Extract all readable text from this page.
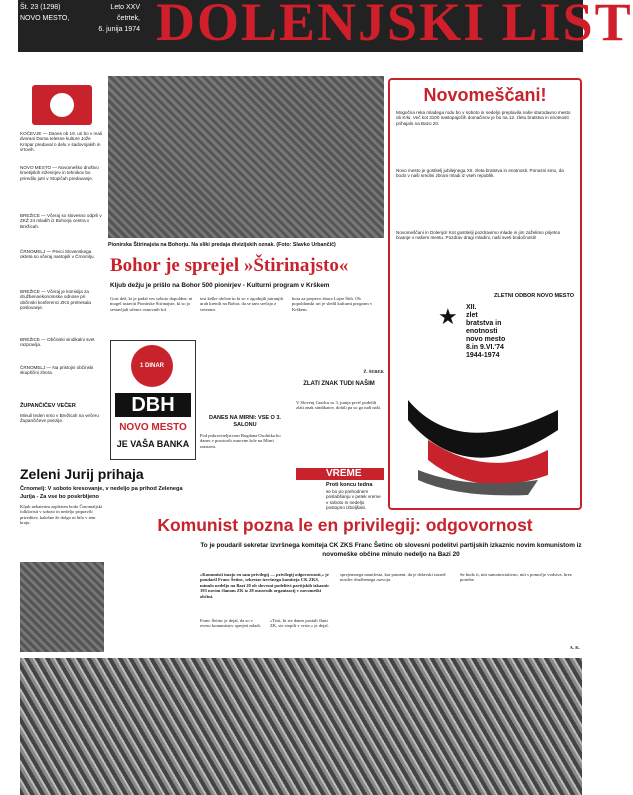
Št. 23 (1298)	Leto XXV
NOVO MESTO,	četrtek,
6. junija 1974 DOLENJSKI LIST
KOČEVJE — Danes ob 19. uri bo v mali dvorani Doma telesne kulture Jože Kropar predaval o delu v sadovnjakih in vrtovih.
NOVO MESTO — Novomeško društvo kmetijskih inženirjev in tehnikov bo priredilo jutri v Stopičah predavanje.
BREŽICE — Včeraj so slovesno odprli v ZKŽ 24 mladih iz Bohorja centra v Brežicah.
ČRNOMELJ — Pevci Slovenskega okteta so včeraj nastopili v Črnomlju.
BREŽICE — Včeraj je komisija za družbenoekonomske odnose pri občinski konferenci ZKS pretresala poslovanje.
BREŽICE — Občinski sindikalni svet razpravlja.
ČRNOMELJ — Na pristojni občinski skupščini zbora.
ŽUPANČIČEV VEČER
Minuli teden smo v Brežicah na večeru Župančičeve poezije.
Pionirska Štirinajsta na Bohorju. Na sliki predaja divizijskih oznak. (Foto: Slavko Urbančič)
Bohor je sprejel »Štirinajsto«
Kljub dežju je prišlo na Bohor 500 pionirjev - Kulturni program v Krškem
Gost dež, ki je padal ves soboto dopoldne, ni mogel ustaviti Pionirske Štirinajste, ki so jo sestavljali učenci osnovnih šol.
tesi krške občine in ki so v zgodnjih jutranjih urah krenili na Bohor, da se tam srečajo z veterani.
bora za prepevo zbora Lojze Štih. Ob popoldanski uri je sledil kulturni program v Krškem.
Ž. ŠEBEK
1 DINAR
DBH
NOVO MESTO
JE VAŠA BANKA
DANES NA MIRNI: VSE O 3. SALONU
Pod pokroviteljstvom Bogdana Osolnika bo danes v prostorih osnovne šole na Mirni razstava.
ZLATI ZNAK TUDI NAŠIM
V Slovenj Gradcu so 3. junija prvič podelili zlati znak sindikatov, dobili pa so ga tudi naši.
VREME
Proti koncu tedna
se bo po prehodnem poslabšanju v petek vreme v soboto in nedeljo postopno izboljšalo.
Zeleni Jurij prihaja
Črnomelj: V soboto kresovanje, v nedeljo pa prihod Zelenega Jurija - Za vse bo poskrbljeno
Kljub nekaterim zapletom bodo Črnomaljski folkloristi v soboto in nedeljo pripravili prireditev, kakršne že dolgo ni bilo v tem kraju.
Novomeščani!
Mogočna reka mladega rodu bo v soboto in nedeljo preplavila naše starodavno mesto ob Krki. Več kot 3100 nastopajočih domačinov je bo na 12. zletu bratstva in enotnosti prihajalo na Bazo 20.
Novo mesto je gostitelj jubilejnega XII. zleta bratstva in enotnosti. Ponosni smo, da bodo v naši sredini zbrani mladi iz vseh republik.
Novomeščani in Dolenjci! Kot gostitelji pozdravimo mlade in jim zaželimo prijetno bivanje v našem mestu. Pozdrav dragi mladini, naši sveti bodočnosti!
ZLETNI ODBOR NOVO MESTO
★	XII.
zlet
bratstva in
enotnosti
novo mesto
8.in 9.VI.'74
1944-1974
Komunist pozna le en privilegij: odgovornost
To je poudaril sekretar izvršnega komiteja CK ZKS Franc Šetinc ob slovesni podelitvi partijskih izkaznic novim komunistom iz novomeške občine minulo nedeljo na Bazi 20
»Komunisti imajo en sam privilegij — privilegij odgovornosti,« je poudaril Franc Šetinc, sekretar izvršnega komiteja CK ZKS, minulo nedeljo na Bazi 20 ob slovesni podelitvi partijskih izkaznic 195 novim članom ZK iz 28 osnovnih organizacij v novomeški občini.
Franc Šetinc je dejal, da so v zvezo komunistov sprejeti mladi.
»Tisti, ki ste danes postali člani ZK, ste stopili v vrste,« je dejal.
sprejemnega manifesta, kar pomeni, da je delavski razred nosilec družbenega razvoja.
Se bodo ti, niti samoiniciativno, niti s pomočjo vodstva, brez potrebe.
A. K.
